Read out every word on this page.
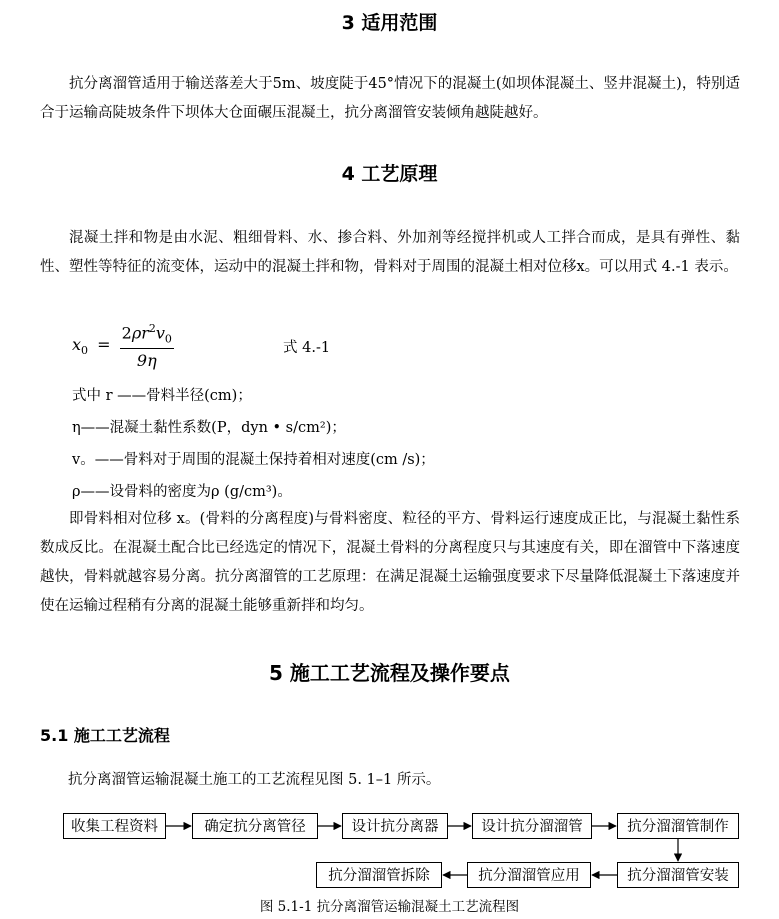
3 适用范围
抗分离溜管适用于输送落差大于5m、坡度陡于45°情况下的混凝土(如坝体混凝土、竖井混凝土)，特别适合于运输高陡坡条件下坝体大仓面碾压混凝土，抗分离溜管安装倾角越陡越好。
4 工艺原理
混凝土拌和物是由水泥、粗细骨料、水、掺合料、外加剂等经搅拌机或人工拌合而成，是具有弹性、黏性、塑性等特征的流变体，运动中的混凝土拌和物，骨料对于周围的混凝土相对位移x。可以用式 4.-1 表示。
$x_0 = \frac{2\rho r^2v_0}{9\eta}$	式 4.-1
式中 r ——骨料半径(cm)；
η——混凝土黏性系数(P，dyn • s/cm²)；
v。——骨料对于周围的混凝土保持着相对速度(cm /s)；
ρ——设骨料的密度为ρ (g/cm³)。
即骨料相对位移 x。(骨料的分离程度)与骨料密度、粒径的平方、骨料运行速度成正比，与混凝土黏性系数成反比。在混凝土配合比已经选定的情况下，混凝土骨料的分离程度只与其速度有关，即在溜管中下落速度越快，骨料就越容易分离。抗分离溜管的工艺原理：在满足混凝土运输强度要求下尽量降低混凝土下落速度并使在运输过程稍有分离的混凝土能够重新拌和均匀。
5 施工工艺流程及操作要点
5.1 施工工艺流程
抗分离溜管运输混凝土施工的工艺流程见图 5. 1–1 所示。
收集工程资料	确定抗分离管径	设计抗分离器	设计抗分溜溜管	抗分溜溜管制作
抗分溜溜管拆除	抗分溜溜管应用	抗分溜溜管安装
图 5.1-1 抗分离溜管运输混凝土工艺流程图
